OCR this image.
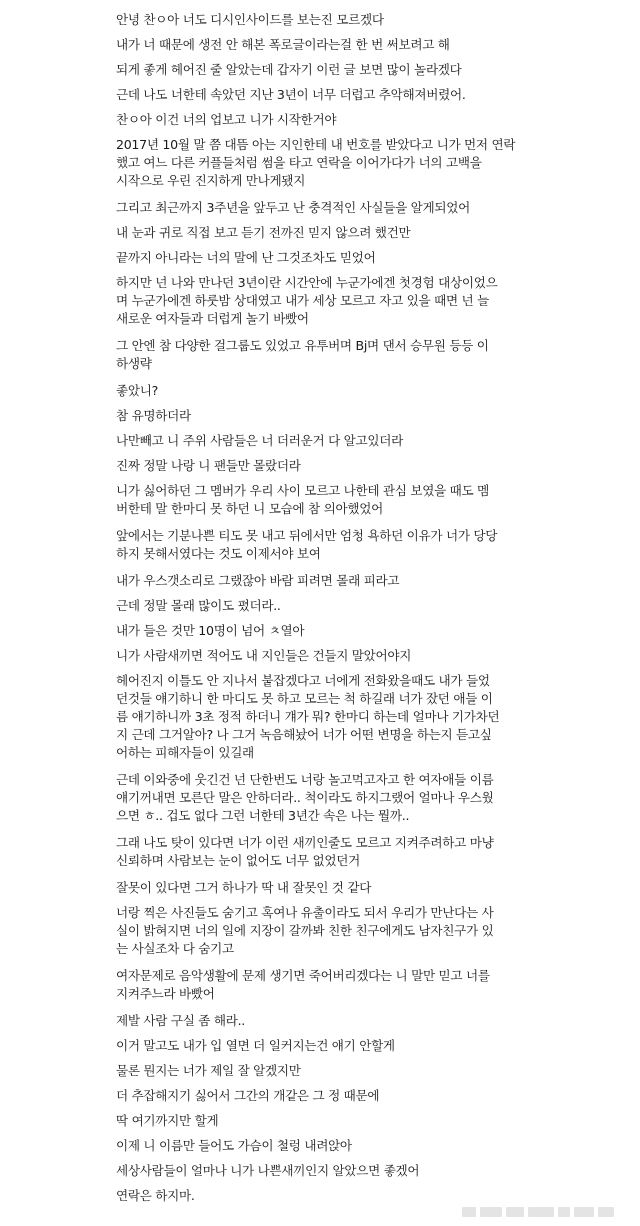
안녕 찬ㅇ아 너도 디시인사이드를 보는진 모르겠다
내가 너 때문에 생전 안 해본 폭로글이라는걸 한 번 써보려고 해
되게 좋게 헤어진 줄 알았는데 갑자기 이런 글 보면 많이 놀라겠다
근데 나도 너한테 속았던 지난 3년이 너무 더럽고 추악해져버렸어.
찬ㅇ아 이건 너의 업보고 니가 시작한거야
2017년 10월 말 쯤 대뜸 아는 지인한테 내 번호를 받았다고 니가 먼저 연락
했고 여느 다른 커플들처럼 썸을 타고 연락을 이어가다가 너의 고백을
시작으로 우린 진지하게 만나게됐지
그리고 최근까지 3주년을 앞두고 난 충격적인 사실들을 알게되었어
내 눈과 귀로 직접 보고 듣기 전까진 믿지 않으려 했건만
끝까지 아니라는 너의 말에 난 그것조차도 믿었어
하지만 넌 나와 만나던 3년이란 시간안에 누군가에겐 첫경험 대상이었으
며 누군가에겐 하룻밤 상대였고 내가 세상 모르고 자고 있을 때면 넌 늘
새로운 여자들과 더럽게 놀기 바빴어
그 안엔 참 다양한 걸그룹도 있었고 유투버며 Bj며 댄서 승무원 등등 이
하생략
좋았니?
참 유명하더라
나만빼고 니 주위 사람들은 너 더러운거 다 알고있더라
진짜 정말 나랑 니 팬들만 몰랐더라
니가 싫어하던 그 멤버가 우리 사이 모르고 나한테 관심 보였을 때도 멤
버한테 말 한마디 못 하던 니 모습에 참 의아했었어
앞에서는 기분나쁜 티도 못 내고 뒤에서만 엄청 욕하던 이유가 너가 당당
하지 못해서였다는 것도 이제서야 보여
내가 우스갯소리로 그랬잖아 바람 피려면 몰래 피라고
근데 정말 몰래 많이도 폈더라..
내가 들은 것만 10명이 넘어 ㅊ열아
니가 사람새끼면 적어도 내 지인들은 건들지 말았어야지
헤어진지 이틀도 안 지나서 붙잡겠다고 너에게 전화왔을때도 내가 들었
던것들 얘기하니 한 마디도 못 하고 모르는 척 하길래 너가 잤던 애들 이
름 얘기하니까 3초 정적 하더니 걔가 뭐? 한마디 하는데 얼마나 기가차던
지 근데 그거알아? 나 그거 녹음해놨어 너가 어떤 변명을 하는지 듣고싶
어하는 피해자들이 있길래
근데 이와중에 웃긴건 넌 단한번도 너랑 놀고먹고자고 한 여자애들 이름
얘기꺼내면 모른단 말은 안하더라.. 척이라도 하지그랬어 얼마나 우스웠
으면 ㅎ.. 겁도 없다 그런 너한테 3년간 속은 나는 뭘까..
그래 나도 탓이 있다면 너가 이런 새끼인줄도 모르고 지켜주려하고 마냥
신뢰하며 사람보는 눈이 없어도 너무 없었던거
잘못이 있다면 그거 하나가 딱 내 잘못인 것 같다
너랑 찍은 사진들도 숨기고 혹여나 유출이라도 되서 우리가 만난다는 사
실이 밝혀지면 너의 일에 지장이 갈까봐 친한 친구에게도 남자친구가 있
는 사실조차 다 숨기고
여자문제로 음악생활에 문제 생기면 죽어버리겠다는 니 말만 믿고 너를
지켜주느라 바빴어
제발 사람 구실 좀 해라..
이거 말고도 내가 입 열면 더 일커지는건 얘기 안할게
물론 뭔지는 너가 제일 잘 알겠지만
더 추잡해지기 싫어서 그간의 개같은 그 정 때문에
딱 여기까지만 할게
이제 니 이름만 들어도 가슴이 철렁 내려앉아
세상사람들이 얼마나 니가 나쁜새끼인지 알았으면 좋겠어
연락은 하지마.
